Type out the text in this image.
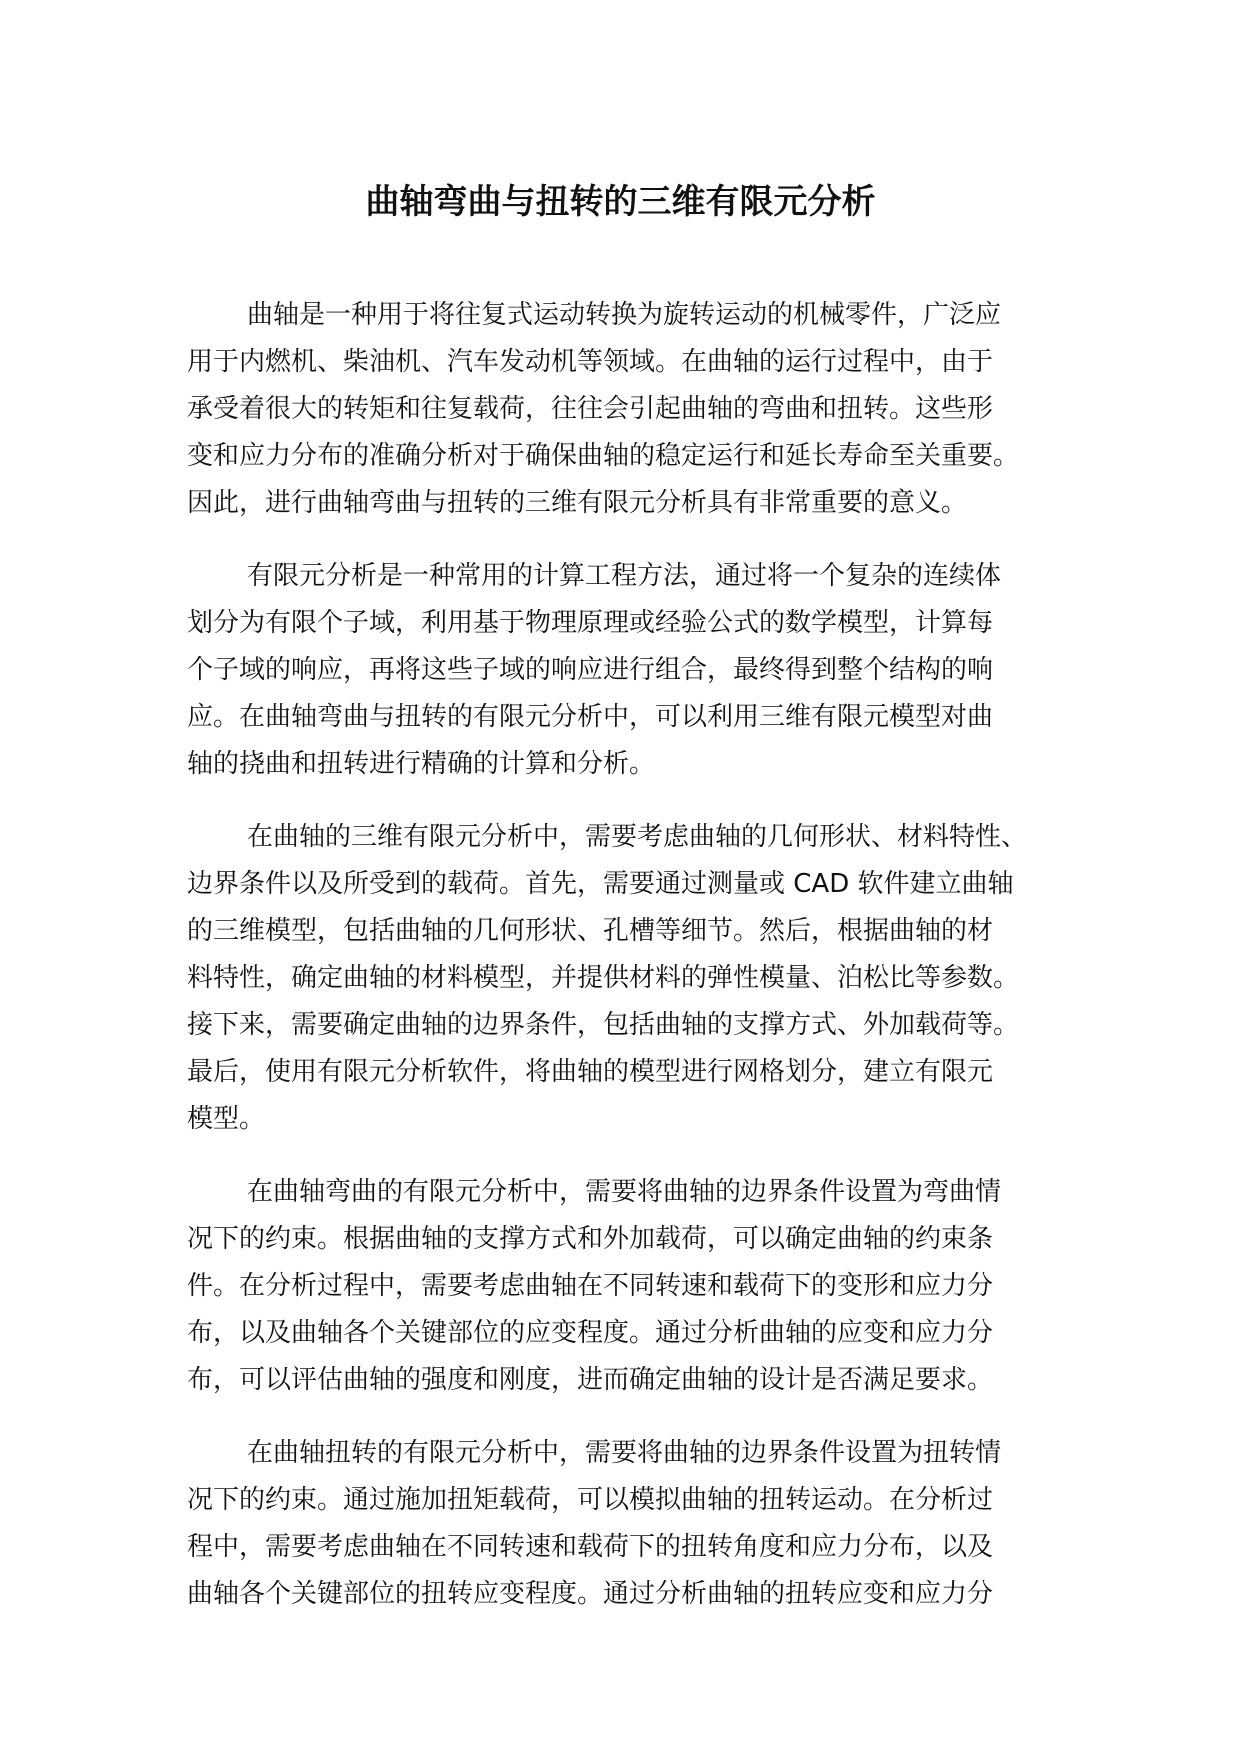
曲轴弯曲与扭转的三维有限元分析
曲轴是一种用于将往复式运动转换为旋转运动的机械零件，广泛应
用于内燃机、柴油机、汽车发动机等领域。在曲轴的运行过程中，由于
承受着很大的转矩和往复载荷，往往会引起曲轴的弯曲和扭转。这些形
变和应力分布的准确分析对于确保曲轴的稳定运行和延长寿命至关重要。
因此，进行曲轴弯曲与扭转的三维有限元分析具有非常重要的意义。
有限元分析是一种常用的计算工程方法，通过将一个复杂的连续体
划分为有限个子域，利用基于物理原理或经验公式的数学模型，计算每
个子域的响应，再将这些子域的响应进行组合，最终得到整个结构的响
应。在曲轴弯曲与扭转的有限元分析中，可以利用三维有限元模型对曲
轴的挠曲和扭转进行精确的计算和分析。
在曲轴的三维有限元分析中，需要考虑曲轴的几何形状、材料特性、
边界条件以及所受到的载荷。首先，需要通过测量或 CAD 软件建立曲轴
的三维模型，包括曲轴的几何形状、孔槽等细节。然后，根据曲轴的材
料特性，确定曲轴的材料模型，并提供材料的弹性模量、泊松比等参数。
接下来，需要确定曲轴的边界条件，包括曲轴的支撑方式、外加载荷等。
最后，使用有限元分析软件，将曲轴的模型进行网格划分，建立有限元
模型。
在曲轴弯曲的有限元分析中，需要将曲轴的边界条件设置为弯曲情
况下的约束。根据曲轴的支撑方式和外加载荷，可以确定曲轴的约束条
件。在分析过程中，需要考虑曲轴在不同转速和载荷下的变形和应力分
布，以及曲轴各个关键部位的应变程度。通过分析曲轴的应变和应力分
布，可以评估曲轴的强度和刚度，进而确定曲轴的设计是否满足要求。
在曲轴扭转的有限元分析中，需要将曲轴的边界条件设置为扭转情
况下的约束。通过施加扭矩载荷，可以模拟曲轴的扭转运动。在分析过
程中，需要考虑曲轴在不同转速和载荷下的扭转角度和应力分布，以及
曲轴各个关键部位的扭转应变程度。通过分析曲轴的扭转应变和应力分
